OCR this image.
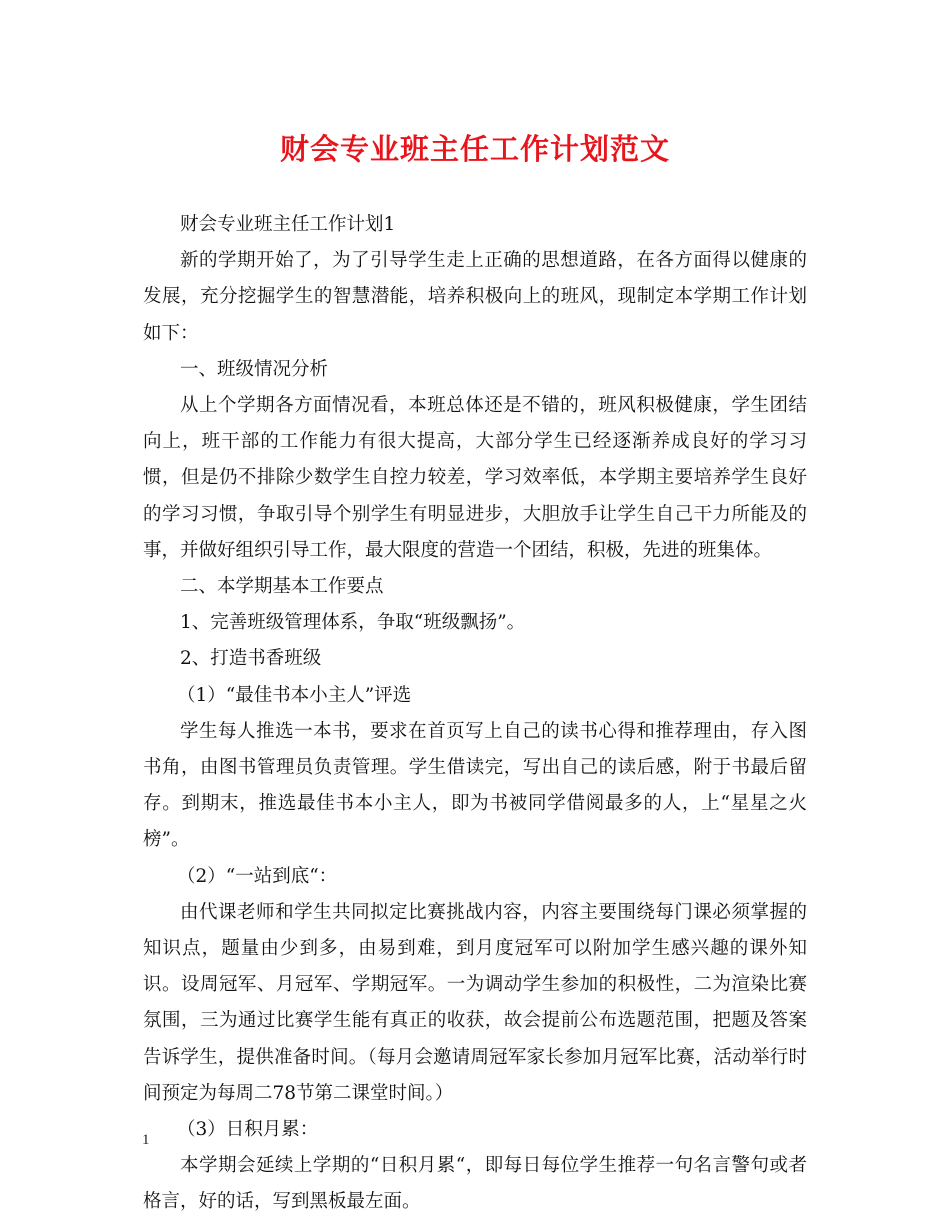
财会专业班主任工作计划范文

财会专业班主任工作计划1

新的学期开始了，为了引导学生走上正确的思想道路，在各方面得以健康的发展，充分挖掘学生的智慧潜能，培养积极向上的班风，现制定本学期工作计划如下：

一、班级情况分析

从上个学期各方面情况看，本班总体还是不错的，班风积极健康，学生团结向上，班干部的工作能力有很大提高，大部分学生已经逐渐养成良好的学习习惯，但是仍不排除少数学生自控力较差，学习效率低，本学期主要培养学生良好的学习习惯，争取引导个别学生有明显进步，大胆放手让学生自己干力所能及的事，并做好组织引导工作，最大限度的营造一个团结，积极，先进的班集体。

二、本学期基本工作要点

1、完善班级管理体系，争取“班级飘扬”。

2、打造书香班级

（1）“最佳书本小主人”评选

学生每人推选一本书，要求在首页写上自己的读书心得和推荐理由，存入图书角，由图书管理员负责管理。学生借读完，写出自己的读后感，附于书最后留存。到期末，推选最佳书本小主人，即为书被同学借阅最多的人，上“星星之火榜”。

（2）“一站到底“：

由代课老师和学生共同拟定比赛挑战内容，内容主要围绕每门课必须掌握的知识点，题量由少到多，由易到难，到月度冠军可以附加学生感兴趣的课外知识。设周冠军、月冠军、学期冠军。一为调动学生参加的积极性，二为渲染比赛氛围，三为通过比赛学生能有真正的收获，故会提前公布选题范围，把题及答案告诉学生，提供准备时间。（每月会邀请周冠军家长参加月冠军比赛，活动举行时间预定为每周二78节第二课堂时间。）

（3）日积月累：

本学期会延续上学期的“日积月累“，即每日每位学生推荐一句名言警句或者格言，好的话，写到黑板最左面。

1
